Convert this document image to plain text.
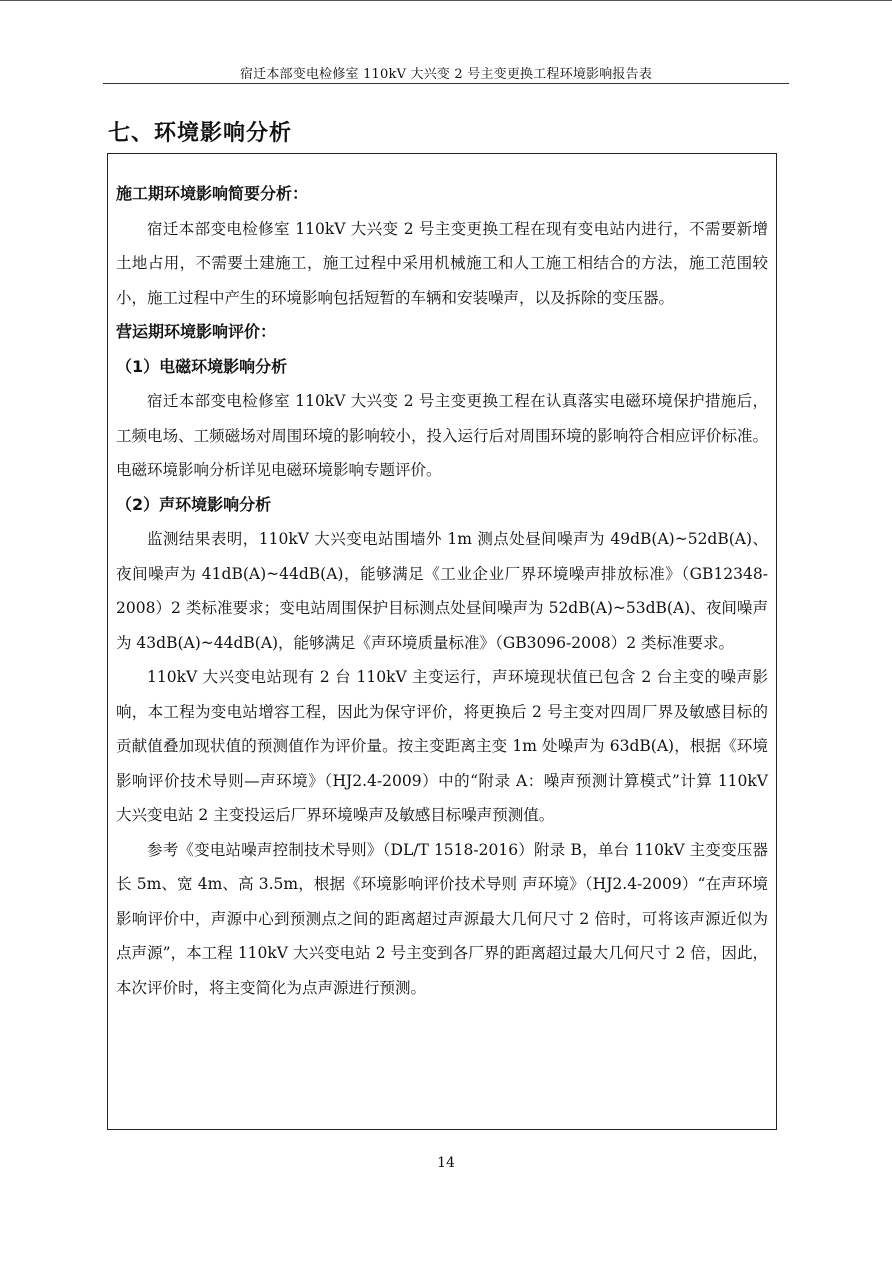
宿迁本部变电检修室 110kV 大兴变 2 号主变更换工程环境影响报告表
七、环境影响分析

施工期环境影响简要分析：

宿迁本部变电检修室 110kV 大兴变 2 号主变更换工程在现有变电站内进行，不需要新增土地占用，不需要土建施工，施工过程中采用机械施工和人工施工相结合的方法，施工范围较小，施工过程中产生的环境影响包括短暂的车辆和安装噪声，以及拆除的变压器。

营运期环境影响评价：

（1）电磁环境影响分析

宿迁本部变电检修室 110kV 大兴变 2 号主变更换工程在认真落实电磁环境保护措施后，工频电场、工频磁场对周围环境的影响较小，投入运行后对周围环境的影响符合相应评价标准。电磁环境影响分析详见电磁环境影响专题评价。

（2）声环境影响分析

监测结果表明，110kV 大兴变电站围墙外 1m 测点处昼间噪声为 49dB(A)~52dB(A)、夜间噪声为 41dB(A)~44dB(A)，能够满足《工业企业厂界环境噪声排放标准》（GB12348-2008）2 类标准要求；变电站周围保护目标测点处昼间噪声为 52dB(A)~53dB(A)、夜间噪声为 43dB(A)~44dB(A)，能够满足《声环境质量标准》（GB3096-2008）2 类标准要求。

110kV 大兴变电站现有 2 台 110kV 主变运行，声环境现状值已包含 2 台主变的噪声影响，本工程为变电站增容工程，因此为保守评价，将更换后 2 号主变对四周厂界及敏感目标的贡献值叠加现状值的预测值作为评价量。按主变距离主变 1m 处噪声为 63dB(A)，根据《环境影响评价技术导则—声环境》（HJ2.4-2009）中的“附录 A：噪声预测计算模式”计算 110kV 大兴变电站 2 主变投运后厂界环境噪声及敏感目标噪声预测值。

参考《变电站噪声控制技术导则》（DL/T 1518-2016）附录 B，单台 110kV 主变变压器长 5m、宽 4m、高 3.5m，根据《环境影响评价技术导则 声环境》（HJ2.4-2009）“在声环境影响评价中，声源中心到预测点之间的距离超过声源最大几何尺寸 2 倍时，可将该声源近似为点声源”，本工程 110kV 大兴变电站 2 号主变到各厂界的距离超过最大几何尺寸 2 倍，因此，本次评价时，将主变简化为点声源进行预测。

14
